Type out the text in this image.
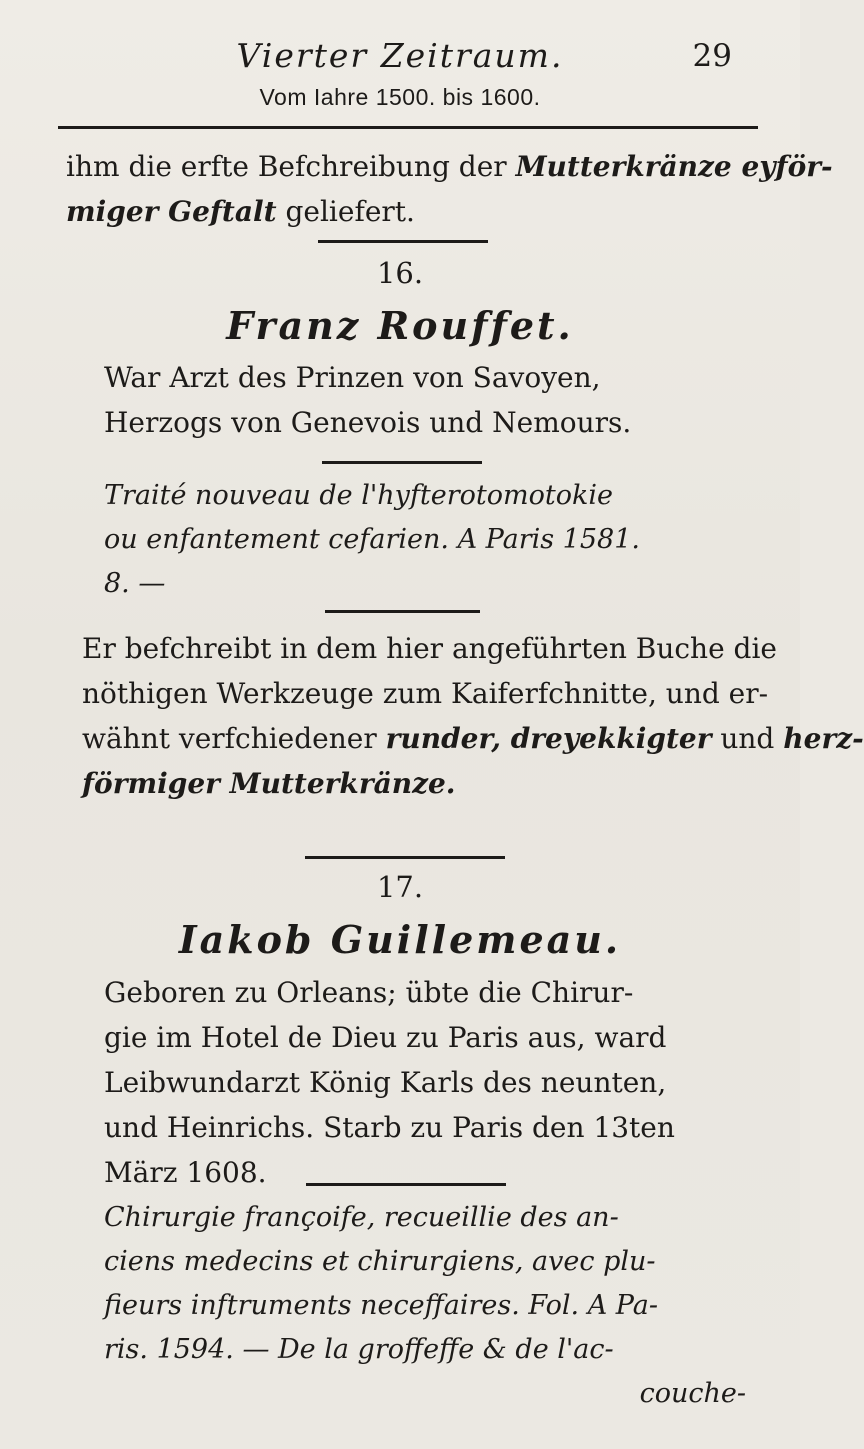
Vierter Zeitraum.	29
Vom Iahre 1500. bis 1600.
ihm die erfte Befchreibung der Mutterkränze eyför-
miger Geftalt geliefert.
16.
Franz Rouffet.
War Arzt des Prinzen von Savoyen,
Herzogs von Genevois und Nemours.
Traité nouveau de l'hyfterotomotokie
ou enfantement cefarien. A Paris 1581.
8. —
Er befchreibt in dem hier angeführten Buche die
nöthigen Werkzeuge zum Kaiferfchnitte, und er-
wähnt verfchiedener runder, dreyekkigter und herz-
förmiger Mutterkränze.
17.
Iakob Guillemeau.
Geboren zu Orleans; übte die Chirur-
gie im Hotel de Dieu zu Paris aus, ward
Leibwundarzt König Karls des neunten,
und Heinrichs. Starb zu Paris den 13ten
März 1608.
Chirurgie françoife, recueillie des an-
ciens medecins et chirurgiens, avec plu-
fieurs inftruments neceffaires. Fol. A Pa-
ris. 1594. — De la groffeffe & de l'ac-
couche-
